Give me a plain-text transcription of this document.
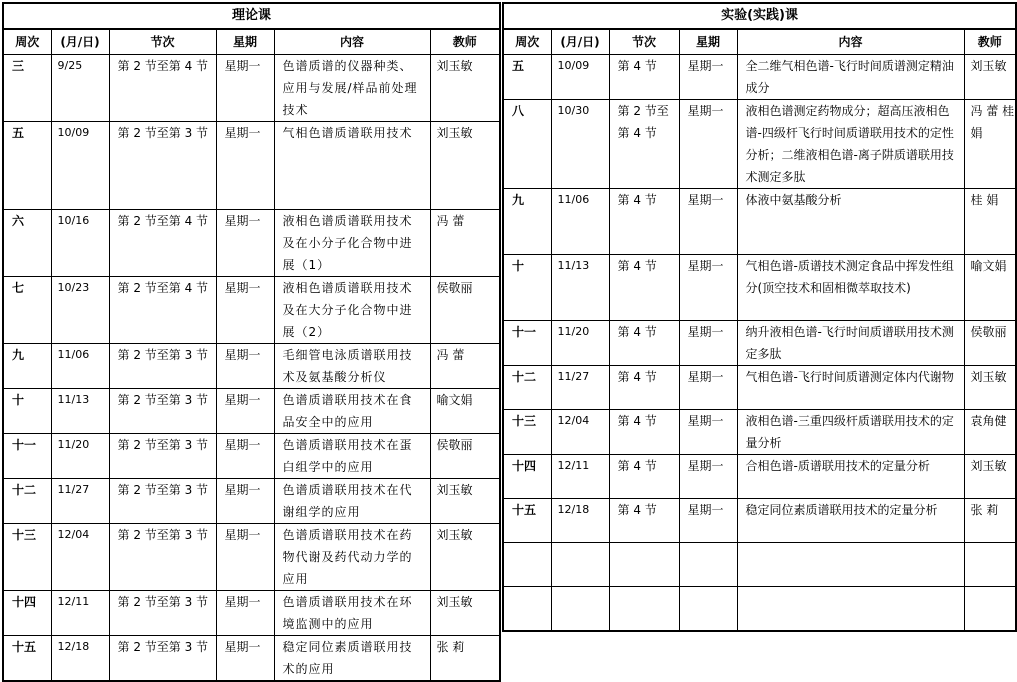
理论课					
周次	(月/日)	节次	星期	内容	教师
三	9/25	第 2 节至第 4 节	星期一	色谱质谱的仪器种类、应用与发展/样品前处理技术	刘玉敏
五	10/09	第 2 节至第 3 节	星期一	气相色谱质谱联用技术	刘玉敏
六	10/16	第 2 节至第 4 节	星期一	液相色谱质谱联用技术及在小分子化合物中进展（1）	冯 蕾
七	10/23	第 2 节至第 4 节	星期一	液相色谱质谱联用技术及在大分子化合物中进展（2）	侯敬丽
九	11/06	第 2 节至第 3 节	星期一	毛细管电泳质谱联用技术及氨基酸分析仪	冯 蕾
十	11/13	第 2 节至第 3 节	星期一	色谱质谱联用技术在食品安全中的应用	喻文娟
十一	11/20	第 2 节至第 3 节	星期一	色谱质谱联用技术在蛋白组学中的应用	侯敬丽
十二	11/27	第 2 节至第 3 节	星期一	色谱质谱联用技术在代谢组学的应用	刘玉敏
十三	12/04	第 2 节至第 3 节	星期一	色谱质谱联用技术在药物代谢及药代动力学的应用	刘玉敏
十四	12/11	第 2 节至第 3 节	星期一	色谱质谱联用技术在环境监测中的应用	刘玉敏
十五	12/18	第 2 节至第 3 节	星期一	稳定同位素质谱联用技术的应用	张 莉
实验(实践)课					
周次	(月/日)	节次	星期	内容	教师
五	10/09	第 4 节	星期一	全二维气相色谱-飞行时间质谱测定精油成分	刘玉敏
八	10/30	第 2 节至第 4 节	星期一	液相色谱测定药物成分；超高压液相色谱-四级杆飞行时间质谱联用技术的定性分析；二维液相色谱-离子阱质谱联用技术测定多肽	冯 蕾 桂 娟
九	11/06	第 4 节	星期一	体液中氨基酸分析	桂 娟
十	11/13	第 4 节	星期一	气相色谱-质谱技术测定食品中挥发性组分(顶空技术和固相微萃取技术)	喻文娟
十一	11/20	第 4 节	星期一	纳升液相色谱-飞行时间质谱联用技术测定多肽	侯敬丽
十二	11/27	第 4 节	星期一	气相色谱-飞行时间质谱测定体内代谢物	刘玉敏
十三	12/04	第 4 节	星期一	液相色谱-三重四级杆质谱联用技术的定量分析	袁角健
十四	12/11	第 4 节	星期一	合相色谱-质谱联用技术的定量分析	刘玉敏
十五	12/18	第 4 节	星期一	稳定同位素质谱联用技术的定量分析	张 莉
